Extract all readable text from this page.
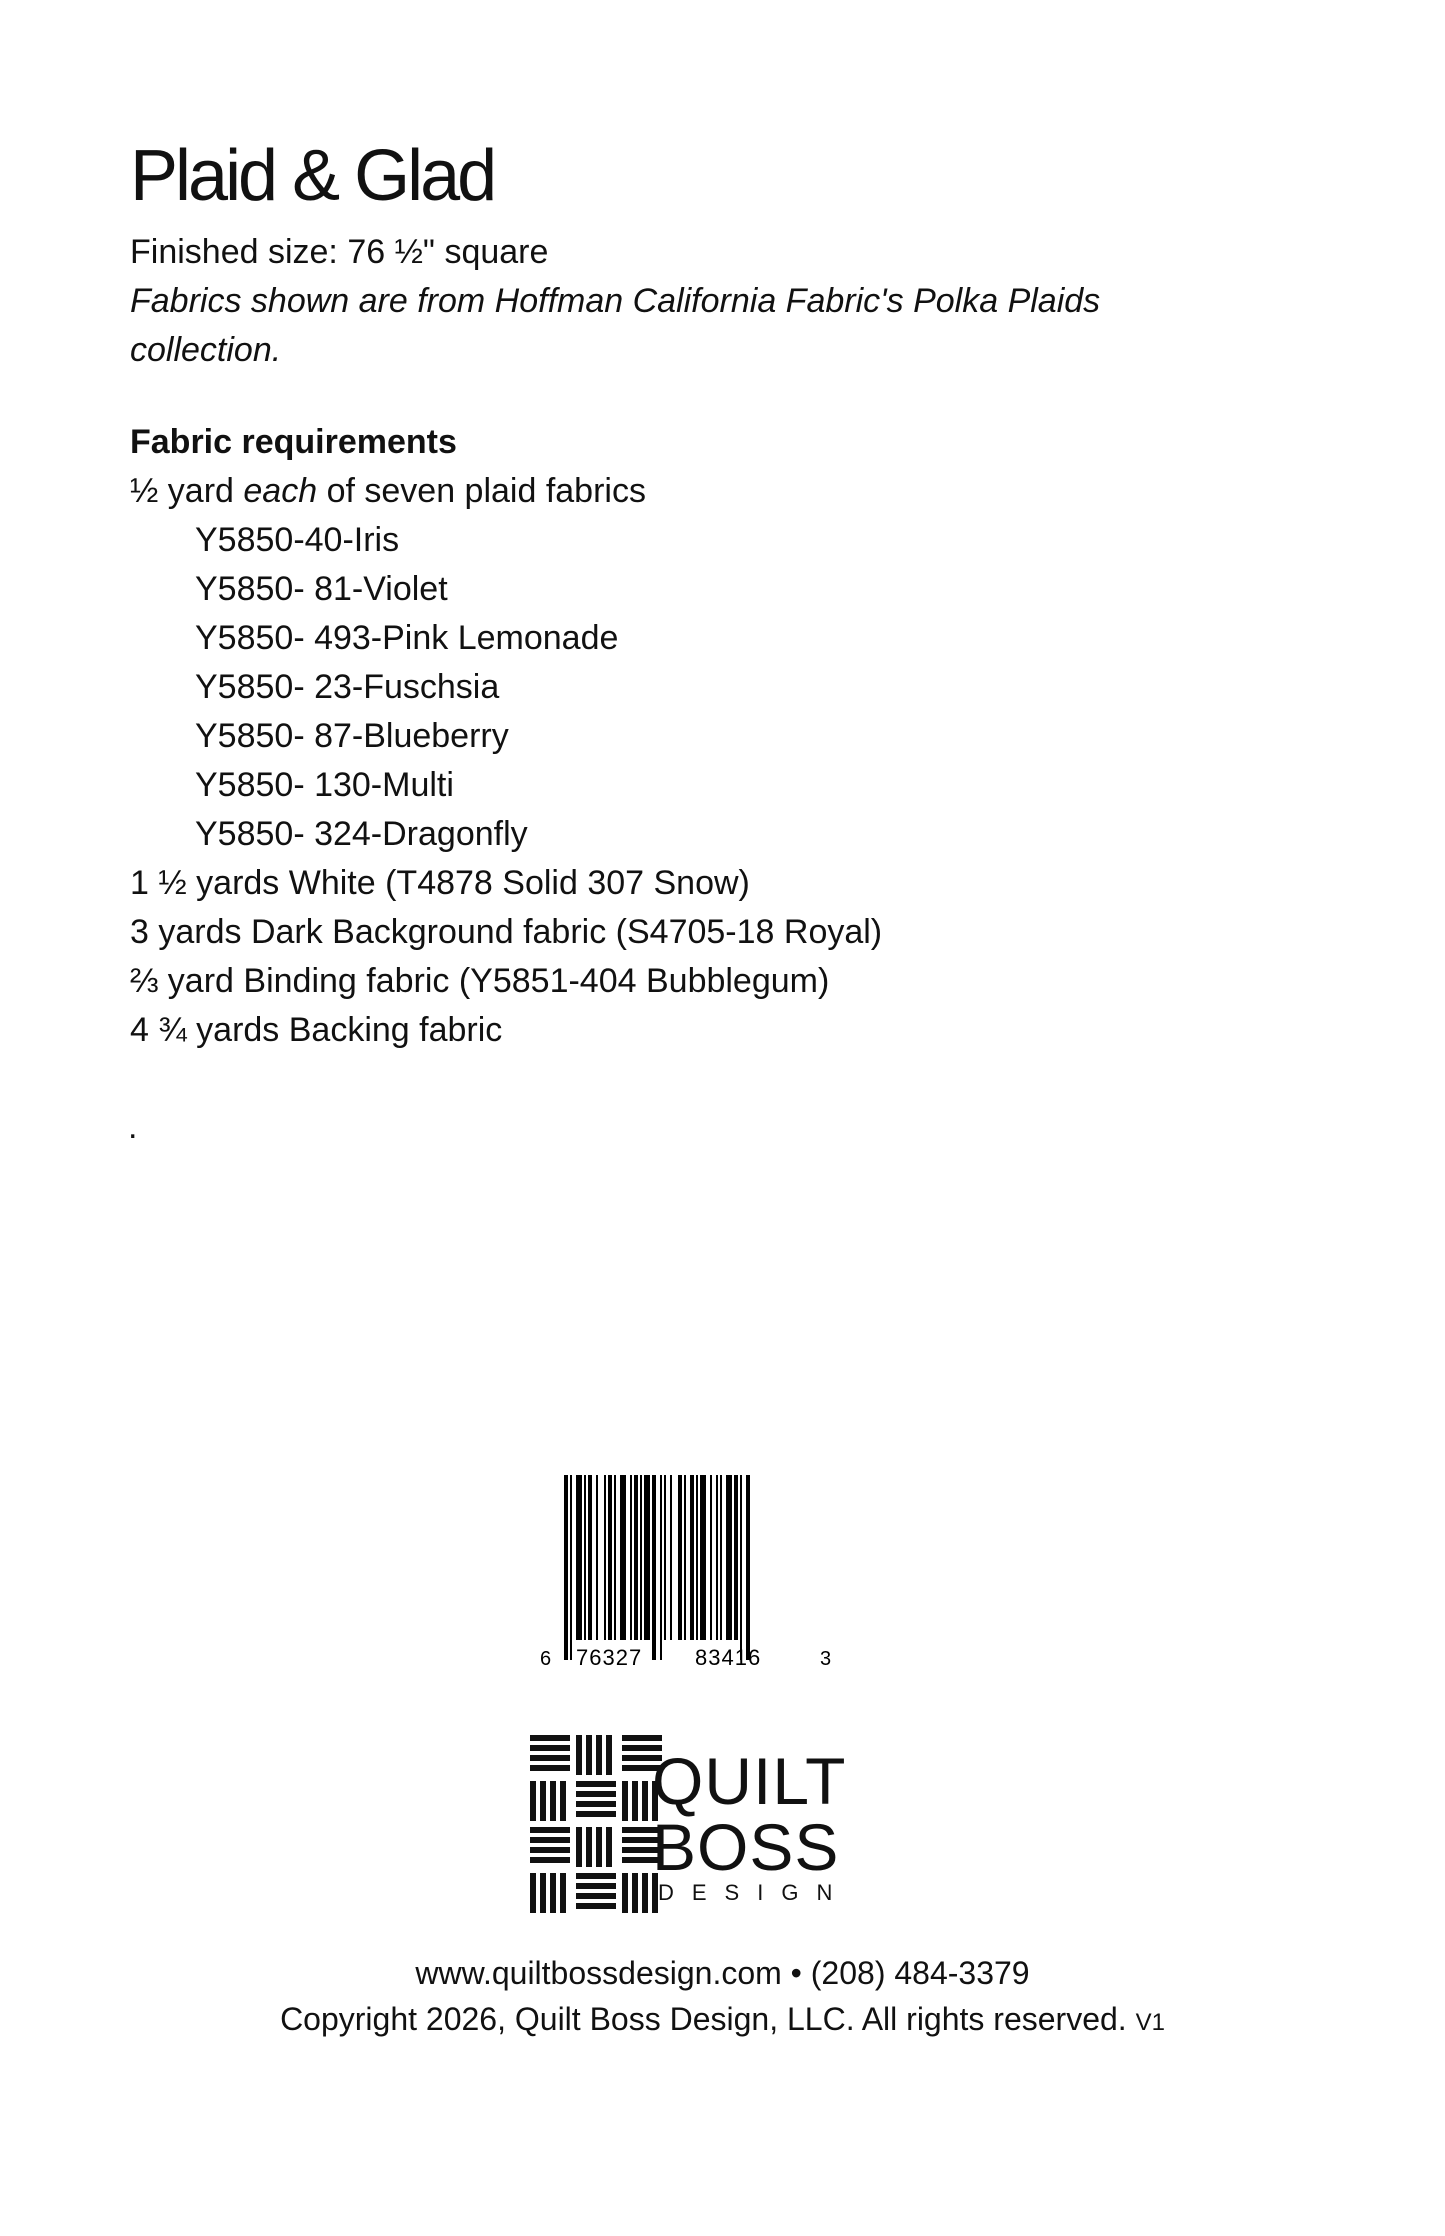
Plaid & Glad
Finished size: 76 ½" square
Fabrics shown are from Hoffman California Fabric's Polka Plaids
collection.
Fabric requirements
½ yard each of seven plaid fabrics
Y5850-40-Iris
Y5850- 81-Violet
Y5850- 493-Pink Lemonade
Y5850- 23-Fuschsia
Y5850- 87-Blueberry
Y5850- 130-Multi
Y5850- 324-Dragonfly
1 ½ yards White (T4878 Solid 307 Snow)
3 yards Dark Background fabric (S4705-18 Royal)
⅔ yard Binding fabric (Y5851-404 Bubblegum)
4 ¾ yards Backing fabric
.
6 76327 83416	3
QUILT
BOSS
DESIGN
www.quiltbossdesign.com • (208) 484-3379
Copyright 2026, Quilt Boss Design, LLC. All rights reserved. V1
